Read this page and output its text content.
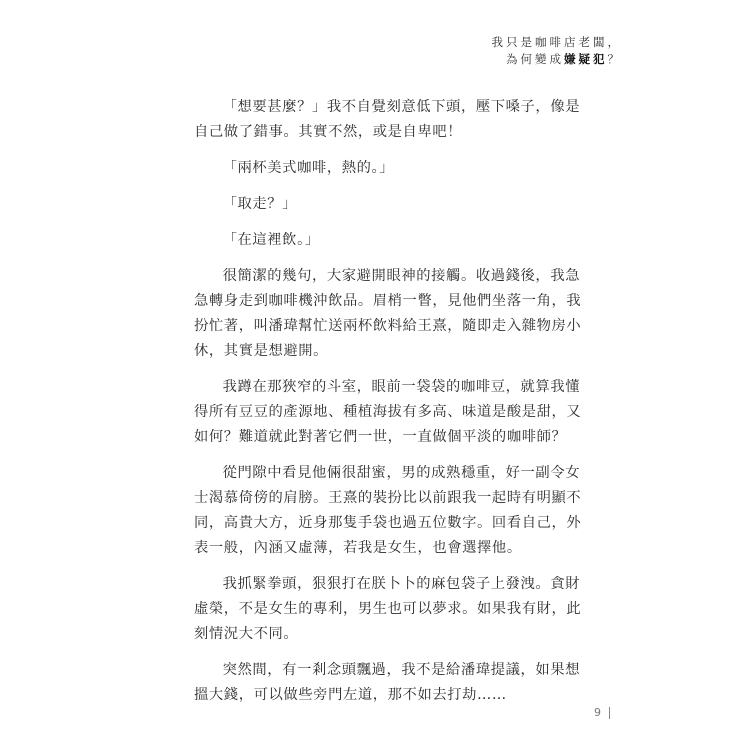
我只是咖啡店老闆，
為何變成嫌疑犯？

「想要甚麼？」我不自覺刻意低下頭，壓下嗓子，像是自己做了錯事。其實不然，或是自卑吧！

「兩杯美式咖啡，熱的。」

「取走？」

「在這裡飲。」

很簡潔的幾句，大家避開眼神的接觸。收過錢後，我急急轉身走到咖啡機沖飲品。眉梢一瞥，見他們坐落一角，我扮忙著，叫潘瑋幫忙送兩杯飲料給王熹，隨即走入雜物房小休，其實是想避開。

我蹲在那狹窄的斗室，眼前一袋袋的咖啡豆，就算我懂得所有豆豆的產源地、種植海拔有多高、味道是酸是甜，又如何？難道就此對著它們一世，一直做個平淡的咖啡師？

從門隙中看見他倆很甜蜜，男的成熟穩重，好一副令女士渴慕倚傍的肩膀。王熹的裝扮比以前跟我一起時有明顯不同，高貴大方，近身那隻手袋也過五位數字。回看自己，外表一般，內涵又虛薄，若我是女生，也會選擇他。

我抓緊拳頭，狠狠打在朕卜卜的麻包袋子上發洩。貪財虛榮，不是女生的專利，男生也可以夢求。如果我有財，此刻情況大不同。

突然間，有一剎念頭飄過，我不是給潘瑋提議，如果想搵大錢，可以做些旁門左道，那不如去打劫……

9
